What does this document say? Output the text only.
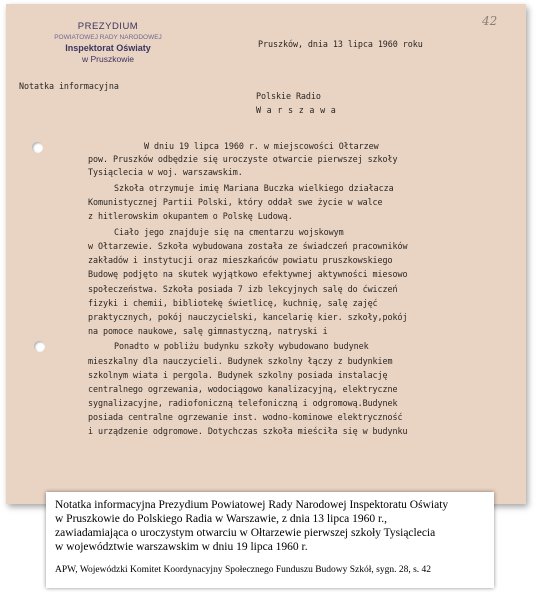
PREZYDIUM
POWIATOWEJ RADY NARODOWEJ
Inspektorat Oświaty
w Pruszkowie
42
Pruszków, dnia 13 lipca 1960 roku
Notatka informacyjna
Polskie Radio
W a r s z a w a
W dniu 19 lipca 1960 r. w miejscowości Ołtarzew
pow. Pruszków odbędzie się uroczyste otwarcie pierwszej szkoły
Tysiąclecia w woj. warszawskim.
Szkoła otrzymuje imię Mariana Buczka wielkiego działacza
Komunistycznej Partii Polski, który oddał swe życie w walce
z hitlerowskim okupantem o Polskę Ludową.
Ciało jego znajduje się na cmentarzu wojskowym
w Ołtarzewie. Szkoła wybudowana została ze świadczeń pracowników
zakładów i instytucji oraz mieszkańców powiatu pruszkowskiego
Budowę podjęto na skutek wyjątkowo efektywnej aktywności miesowo
społeczeństwa. Szkoła posiada 7 izb lekcyjnych salę do ćwiczeń
fizyki i chemii, bibliotekę świetlicę, kuchnię, salę zajęć
praktycznych, pokój nauczycielski, kancelarię kier. szkoły,pokój
na pomoce naukowe, salę gimnastyczną, natryski i
Ponadto w pobliżu budynku szkoły wybudowano budynek
mieszkalny dla nauczycieli. Budynek szkolny łączy z budynkiem
szkolnym wiata i pergola. Budynek szkolny posiada instalację
centralnego ogrzewania, wodociągowo kanalizacyjną, elektryczne
sygnalizacyjne, radiofoniczną telefoniczną i odgromową.Budynek
posiada centralne ogrzewanie inst. wodno-kominowe elektryczność
i urządzenie odgromowe. Dotychczas szkoła mieściła się w budynku
Notatka informacyjna Prezydium Powiatowej Rady Narodowej Inspektoratu Oświaty
w Pruszkowie do Polskiego Radia w Warszawie, z dnia 13 lipca 1960 r.,
zawiadamiająca o uroczystym otwarciu w Ołtarzewie pierwszej szkoły Tysiąclecia
w województwie warszawskim w dniu 19 lipca 1960 r.
APW, Wojewódzki Komitet Koordynacyjny Społecznego Funduszu Budowy Szkół, sygn. 28, s. 42
